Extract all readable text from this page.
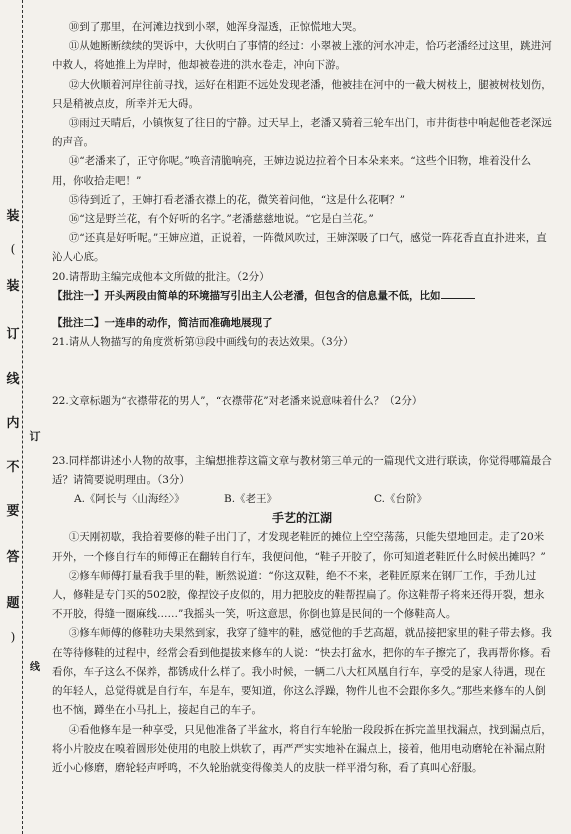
装
(
装
订
线
内
不
要
答
题
)
订
线

⑩到了那里，在河滩边找到小翠，她浑身湿透，正惊慌地大哭。

⑪从她断断续续的哭诉中，大伙明白了事情的经过：小翠被上涨的河水冲走，恰巧老潘经过这里，跳进河中救人，将她推上为岸时，他却被卷进的洪水卷走，冲向下游。

⑫大伙顺着河岸往前寻找，运好在相距不远处发现老潘，他被挂在河中的一截大树枝上，腿被树枝划伤，只是稍被点皮，所幸并无大碍。

⑬雨过天晴后，小镇恢复了往日的宁静。过天早上，老潘又骑着三轮车出门，市井街巷中响起他苍老深远的声音。

⑭“老潘来了，正守你呢。”唤音清脆响亮，王婶边说边拉着个日本朵来来。“这些个旧物，堆着没什么用，你收拾走吧！”

⑮待到近了，王婶打看老潘衣襟上的花，微笑着问他，“这是什么花啊？”

⑯“这是野兰花，有个好听的名字。”老潘慈慈地说。“它是白兰花。”

⑰“还真是好听呢。”王婶应道，正说着，一阵微风吹过，王婶深吸了口气，感觉一阵花香直直扑进来，直沁人心底。

20.请帮助主编完成他本文所做的批注。（2分）

【批注一】开头两段由简单的环境描写引出主人公老潘，但包含的信息量不低，比如

【批注二】一连串的动作，简洁而准确地展现了

21.请从人物描写的角度赏析第⑬段中画线句的表达效果。（3分）

22.文章标题为“衣襟带花的男人”，“衣襟带花”对老潘来说意味着什么？（2分）

23.同样都讲述小人物的故事，主编想推荐这篇文章与教材第三单元的一篇现代文进行联读，你觉得哪篇最合适？请简要说明理由。（3分）

A.《阿长与〈山海经〉》	B.《老王》	C.《台阶》

手艺的江湖

①天刚初歇，我拾着要修的鞋子出门了，才发现老鞋匠的摊位上空空荡荡，只能失望地回走。走了20米开外，一个修自行车的师傅正在翻转自行车，我便问他，“鞋子开胶了，你可知道老鞋匠什么时候出摊吗？”

②修车师傅打量看我手里的鞋，断然说道：“你这双鞋，绝不不来，老鞋匠原来在钢厂工作，手劲儿过人，修鞋是专门买的502胶，像捏饺子皮似的，用力把胶皮的鞋帮捏扁了。你这鞋帮子将来还得开裂，想永不开胶，得缝一圈麻线……”我摇头一笑，听这意思，你倒也算是民间的一个修鞋高人。

③修车师傅的修鞋功夫果然到家，我穿了缝牢的鞋，感觉他的手艺高超，就品接把家里的鞋子带去修。我在等待修鞋的过程中，经常会看到他提拔来修车的人说：“快去打盆水，把你的车子擦完了，我再帮你修。看看你，车子这么不保养，都锈成什么样了。我小时候，一辆二八大杠风凰自行车，享受的是家人待遇，现在的年轻人，总觉得就是自行车，车是车，要知道，你这么浮躁，物件儿也不会跟你多久。”那些来修车的人倒也不恼，蹲坐在小马扎上，接起自己的车子。

④看他修车是一种享受，只见他准备了半盆水，将自行车轮胎一段段拆在拆完盖里找漏点，找到漏点后，将小片胶皮在嗅着圆形处使用的电胶上烘软了，再严严实实地补在漏点上，接着，他用电动磨轮在补漏点附近小心修磨，磨轮轻声呼鸣，不久轮胎就变得像美人的皮肤一样平滑匀称，看了真叫心舒服。
